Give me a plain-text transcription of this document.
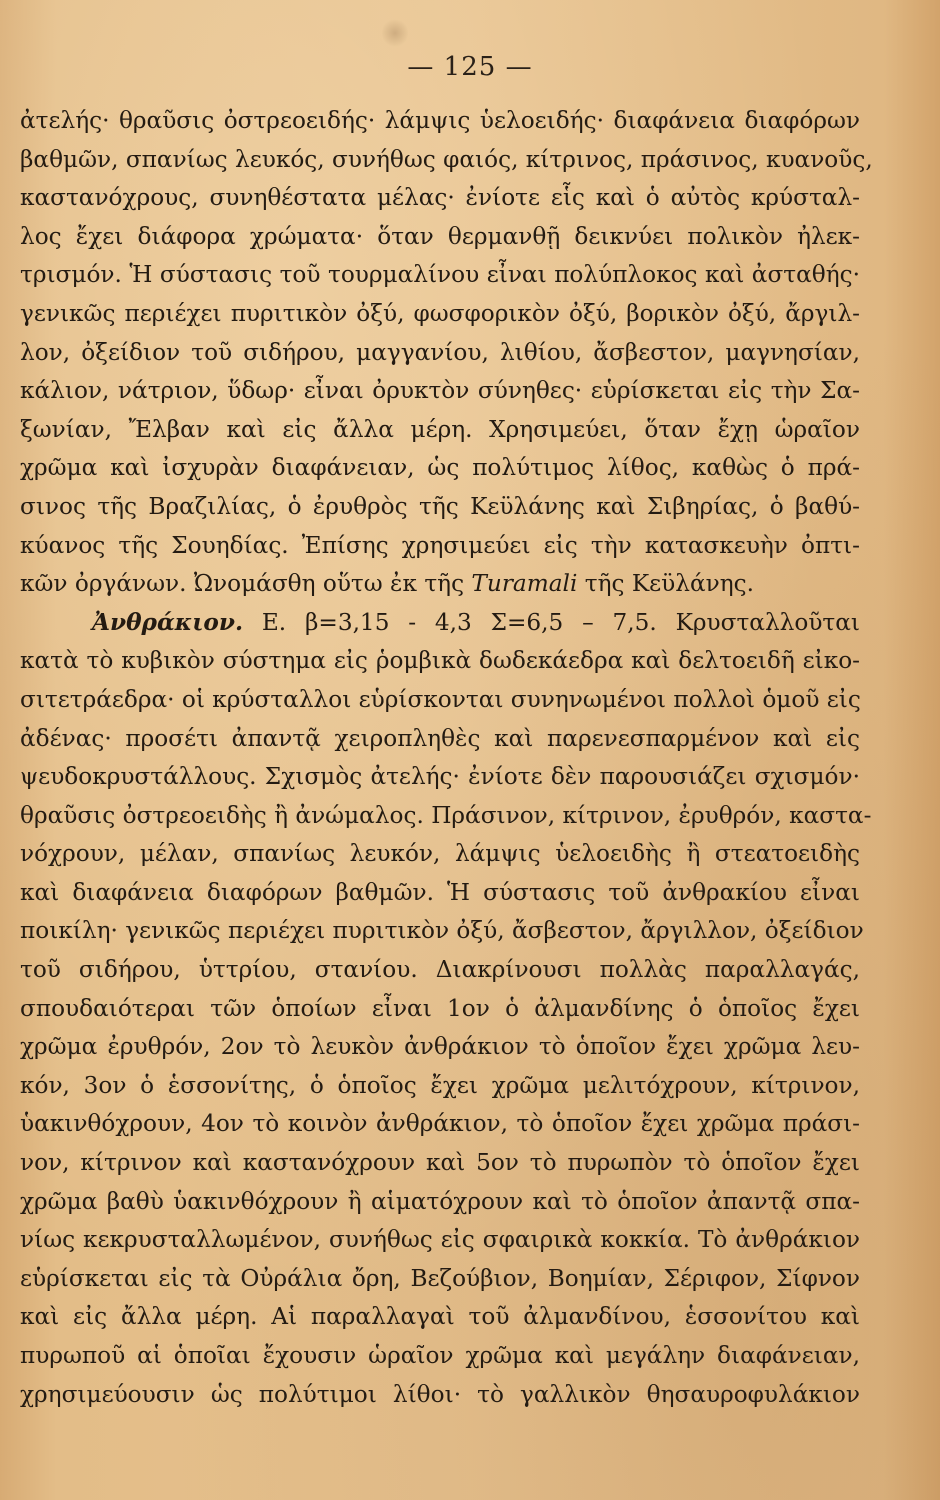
— 125 —
ἀτελής· θραῦσις ὀστρεοειδής· λάμψις ὑελοειδής· διαφάνεια διαφόρων
βαθμῶν, σπανίως λευκός, συνήθως φαιός, κίτρινος, πράσινος, κυανοῦς,
καστανόχρους, συνηθέστατα μέλας· ἐνίοτε εἷς καὶ ὁ αὐτὸς κρύσταλ-
λος ἔχει διάφορα χρώματα· ὅταν θερμανθῇ δεικνύει πολικὸν ἠλεκ-
τρισμόν. Ἡ σύστασις τοῦ τουρμαλίνου εἶναι πολύπλοκος καὶ ἀσταθής·
γενικῶς περιέχει πυριτικὸν ὀξύ, φωσφορικὸν ὀξύ, βορικὸν ὀξύ, ἄργιλ-
λον, ὀξείδιον τοῦ σιδήρου, μαγγανίου, λιθίου, ἄσβεστον, μαγνησίαν,
κάλιον, νάτριον, ὕδωρ· εἶναι ὀρυκτὸν σύνηθες· εὑρίσκεται εἰς τὴν Σα-
ξωνίαν, Ἔλβαν καὶ εἰς ἄλλα μέρη. Χρησιμεύει, ὅταν ἔχῃ ὡραῖον
χρῶμα καὶ ἰσχυρὰν διαφάνειαν, ὡς πολύτιμος λίθος, καθὼς ὁ πρά-
σινος τῆς Βραζιλίας, ὁ ἐρυθρὸς τῆς Κεϋλάνης καὶ Σιβηρίας, ὁ βαθύ-
κύανος τῆς Σουηδίας. Ἐπίσης χρησιμεύει εἰς τὴν κατασκευὴν ὀπτι-
κῶν ὀργάνων. Ὠνομάσθη οὕτω ἐκ τῆς Turamali τῆς Κεϋλάνης.
Ἀνθράκιον. Ε. β=3,15 - 4,3 Σ=6,5 – 7,5. Κρυσταλλοῦται
κατὰ τὸ κυβικὸν σύστημα εἰς ῥομβικὰ δωδεκάεδρα καὶ δελτοειδῆ εἰκο-
σιτετράεδρα· οἱ κρύσταλλοι εὑρίσκονται συνηνωμένοι πολλοὶ ὁμοῦ εἰς
ἀδένας· προσέτι ἀπαντᾷ χειροπληθὲς καὶ παρενεσπαρμένον καὶ εἰς
ψευδοκρυστάλλους. Σχισμὸς ἀτελής· ἐνίοτε δὲν παρουσιάζει σχισμόν·
θραῦσις ὀστρεοειδὴς ἢ ἀνώμαλος. Πράσινον, κίτρινον, ἐρυθρόν, καστα-
νόχρουν, μέλαν, σπανίως λευκόν, λάμψις ὑελοειδὴς ἢ στεατοειδὴς
καὶ διαφάνεια διαφόρων βαθμῶν. Ἡ σύστασις τοῦ ἀνθρακίου εἶναι
ποικίλη· γενικῶς περιέχει πυριτικὸν ὀξύ, ἄσβεστον, ἄργιλλον, ὀξείδιον
τοῦ σιδήρου, ὑττρίου, στανίου. Διακρίνουσι πολλὰς παραλλαγάς,
σπουδαιότεραι τῶν ὁποίων εἶναι 1ον ὁ ἀλμανδίνης ὁ ὁποῖος ἔχει
χρῶμα ἐρυθρόν, 2ον τὸ λευκὸν ἀνθράκιον τὸ ὁποῖον ἔχει χρῶμα λευ-
κόν, 3ον ὁ ἑσσονίτης, ὁ ὁποῖος ἔχει χρῶμα μελιτόχρουν, κίτρινον,
ὑακινθόχρουν, 4ον τὸ κοινὸν ἀνθράκιον, τὸ ὁποῖον ἔχει χρῶμα πράσι-
νον, κίτρινον καὶ καστανόχρουν καὶ 5ον τὸ πυρωπὸν τὸ ὁποῖον ἔχει
χρῶμα βαθὺ ὑακινθόχρουν ἢ αἱματόχρουν καὶ τὸ ὁποῖον ἀπαντᾷ σπα-
νίως κεκρυσταλλωμένον, συνήθως εἰς σφαιρικὰ κοκκία. Τὸ ἀνθράκιον
εὑρίσκεται εἰς τὰ Οὐράλια ὄρη, Βεζούβιον, Βοημίαν, Σέριφον, Σίφνον
καὶ εἰς ἄλλα μέρη. Αἱ παραλλαγαὶ τοῦ ἀλμανδίνου, ἑσσονίτου καὶ
πυρωποῦ αἱ ὁποῖαι ἔχουσιν ὡραῖον χρῶμα καὶ μεγάλην διαφάνειαν,
χρησιμεύουσιν ὡς πολύτιμοι λίθοι· τὸ γαλλικὸν θησαυροφυλάκιον
